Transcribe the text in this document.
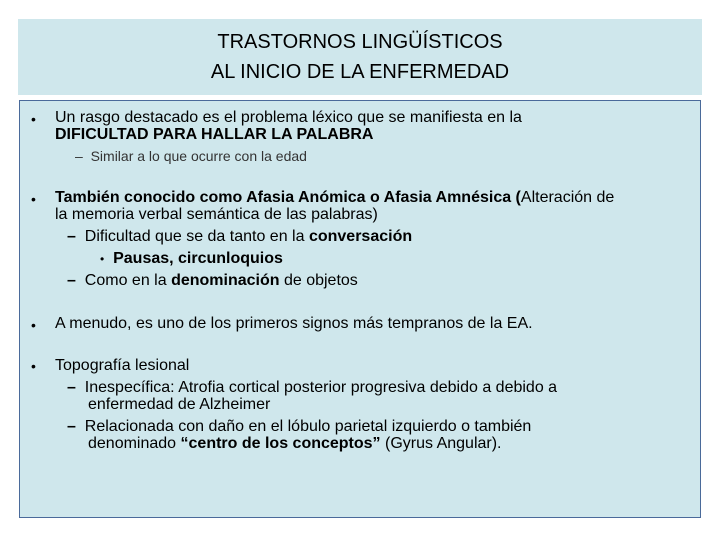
TRASTORNOS LINGÜÍSTICOS
AL INICIO DE LA ENFERMEDAD
• Un rasgo destacado es el problema léxico que se manifiesta en la
DIFICULTAD PARA HALLAR LA PALABRA
– Similar a lo que ocurre con la edad
• También conocido como Afasia Anómica o Afasia Amnésica (Alteración de
la memoria verbal semántica de las palabras)
– Dificultad que se da tanto en la conversación
• Pausas, circunloquios
– Como en la denominación de objetos
• A menudo, es uno de los primeros signos más tempranos de la EA.
• Topografía lesional
– Inespecífica: Atrofia cortical posterior progresiva debido a debido a
enfermedad de Alzheimer
– Relacionada con daño en el lóbulo parietal izquierdo o también
denominado “centro de los conceptos” (Gyrus Angular).
